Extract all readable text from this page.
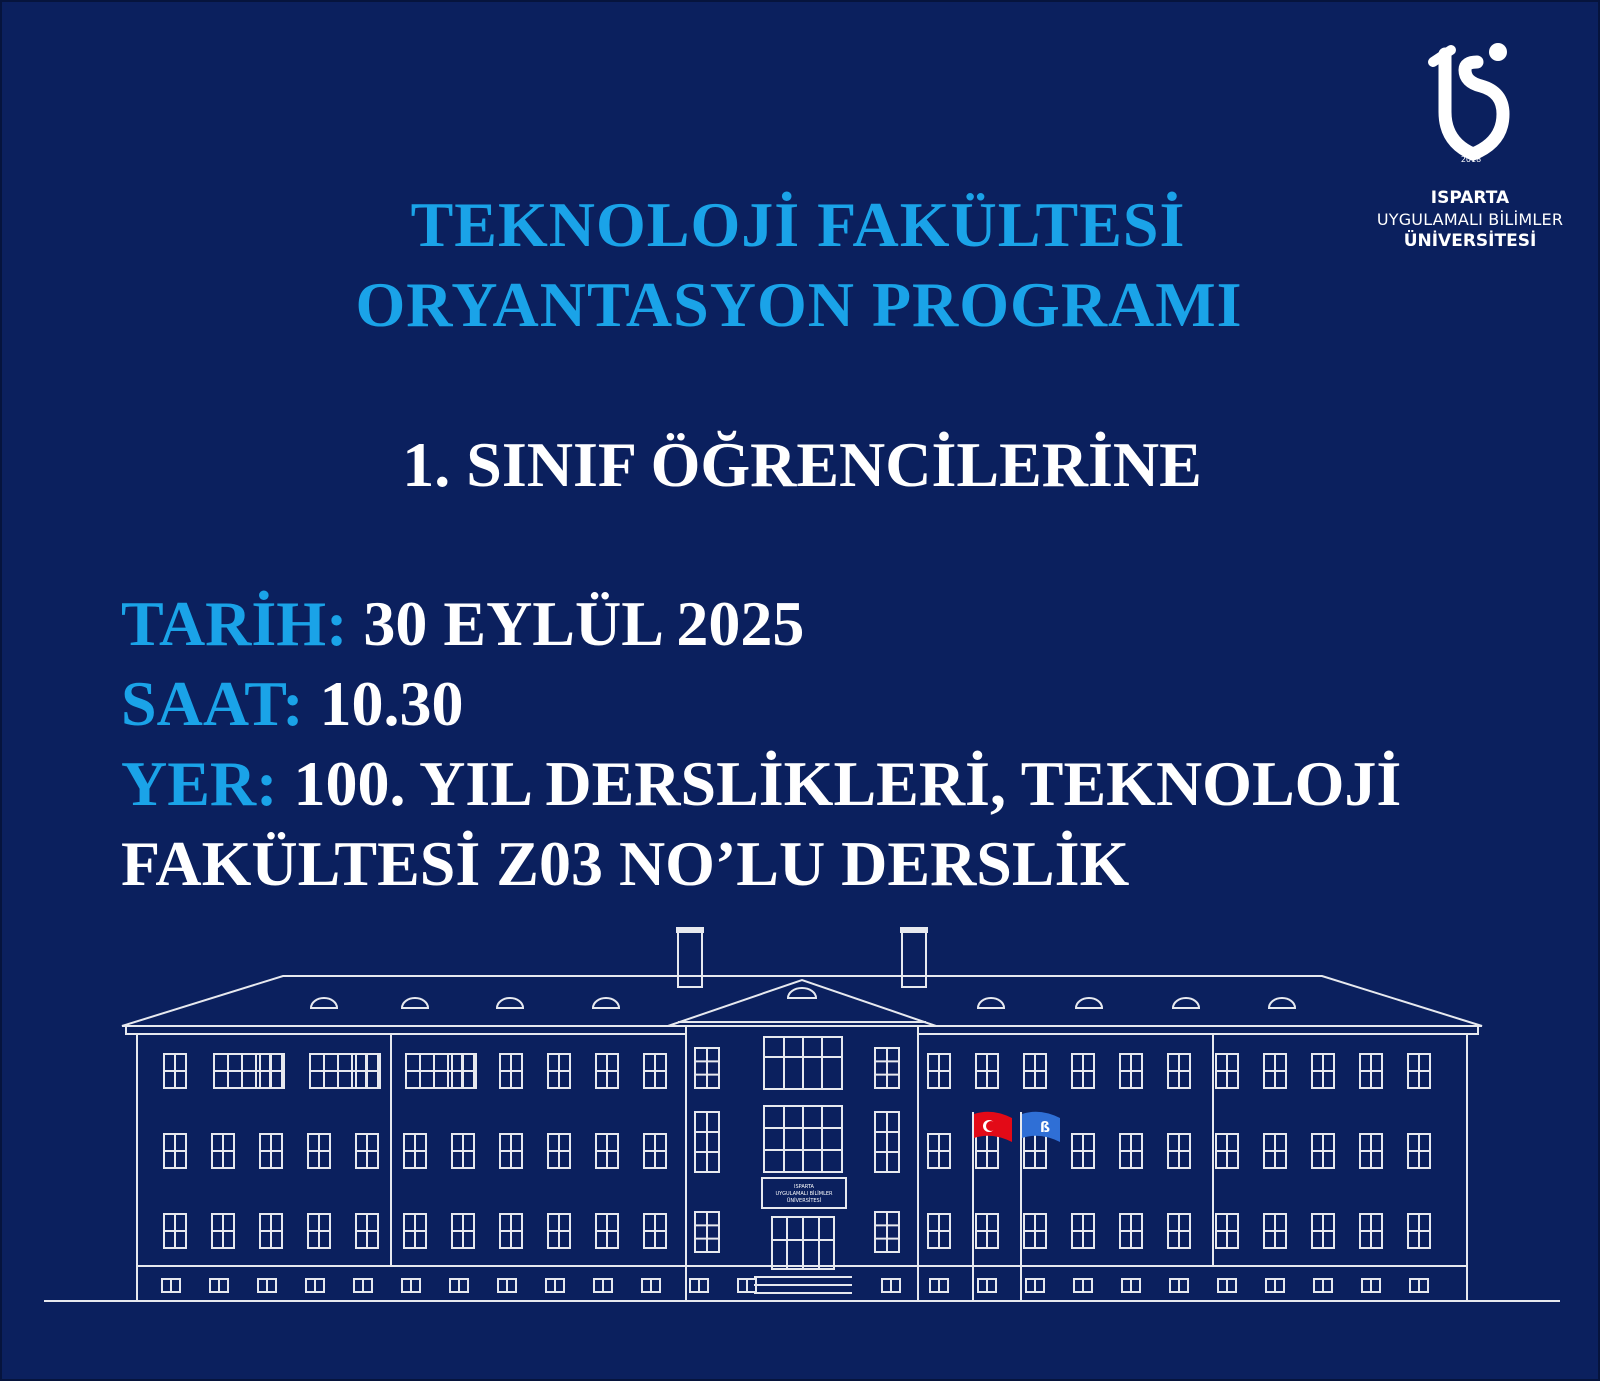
2018
ISPARTA
UYGULAMALI BİLİMLER
ÜNİVERSİTESİ
TEKNOLOJİ FAKÜLTESİ
ORYANTASYON PROGRAMI
1. SINIF ÖĞRENCİLERİNE

TARİH: 30 EYLÜL 2025

SAAT: 10.30

YER: 100. YIL DERSLİKLERİ, TEKNOLOJİ

FAKÜLTESİ Z03 NO’LU DERSLİK

ISPARTA
UYGULAMALI BİLİMLER
ÜNİVERSİTESİ
ß
